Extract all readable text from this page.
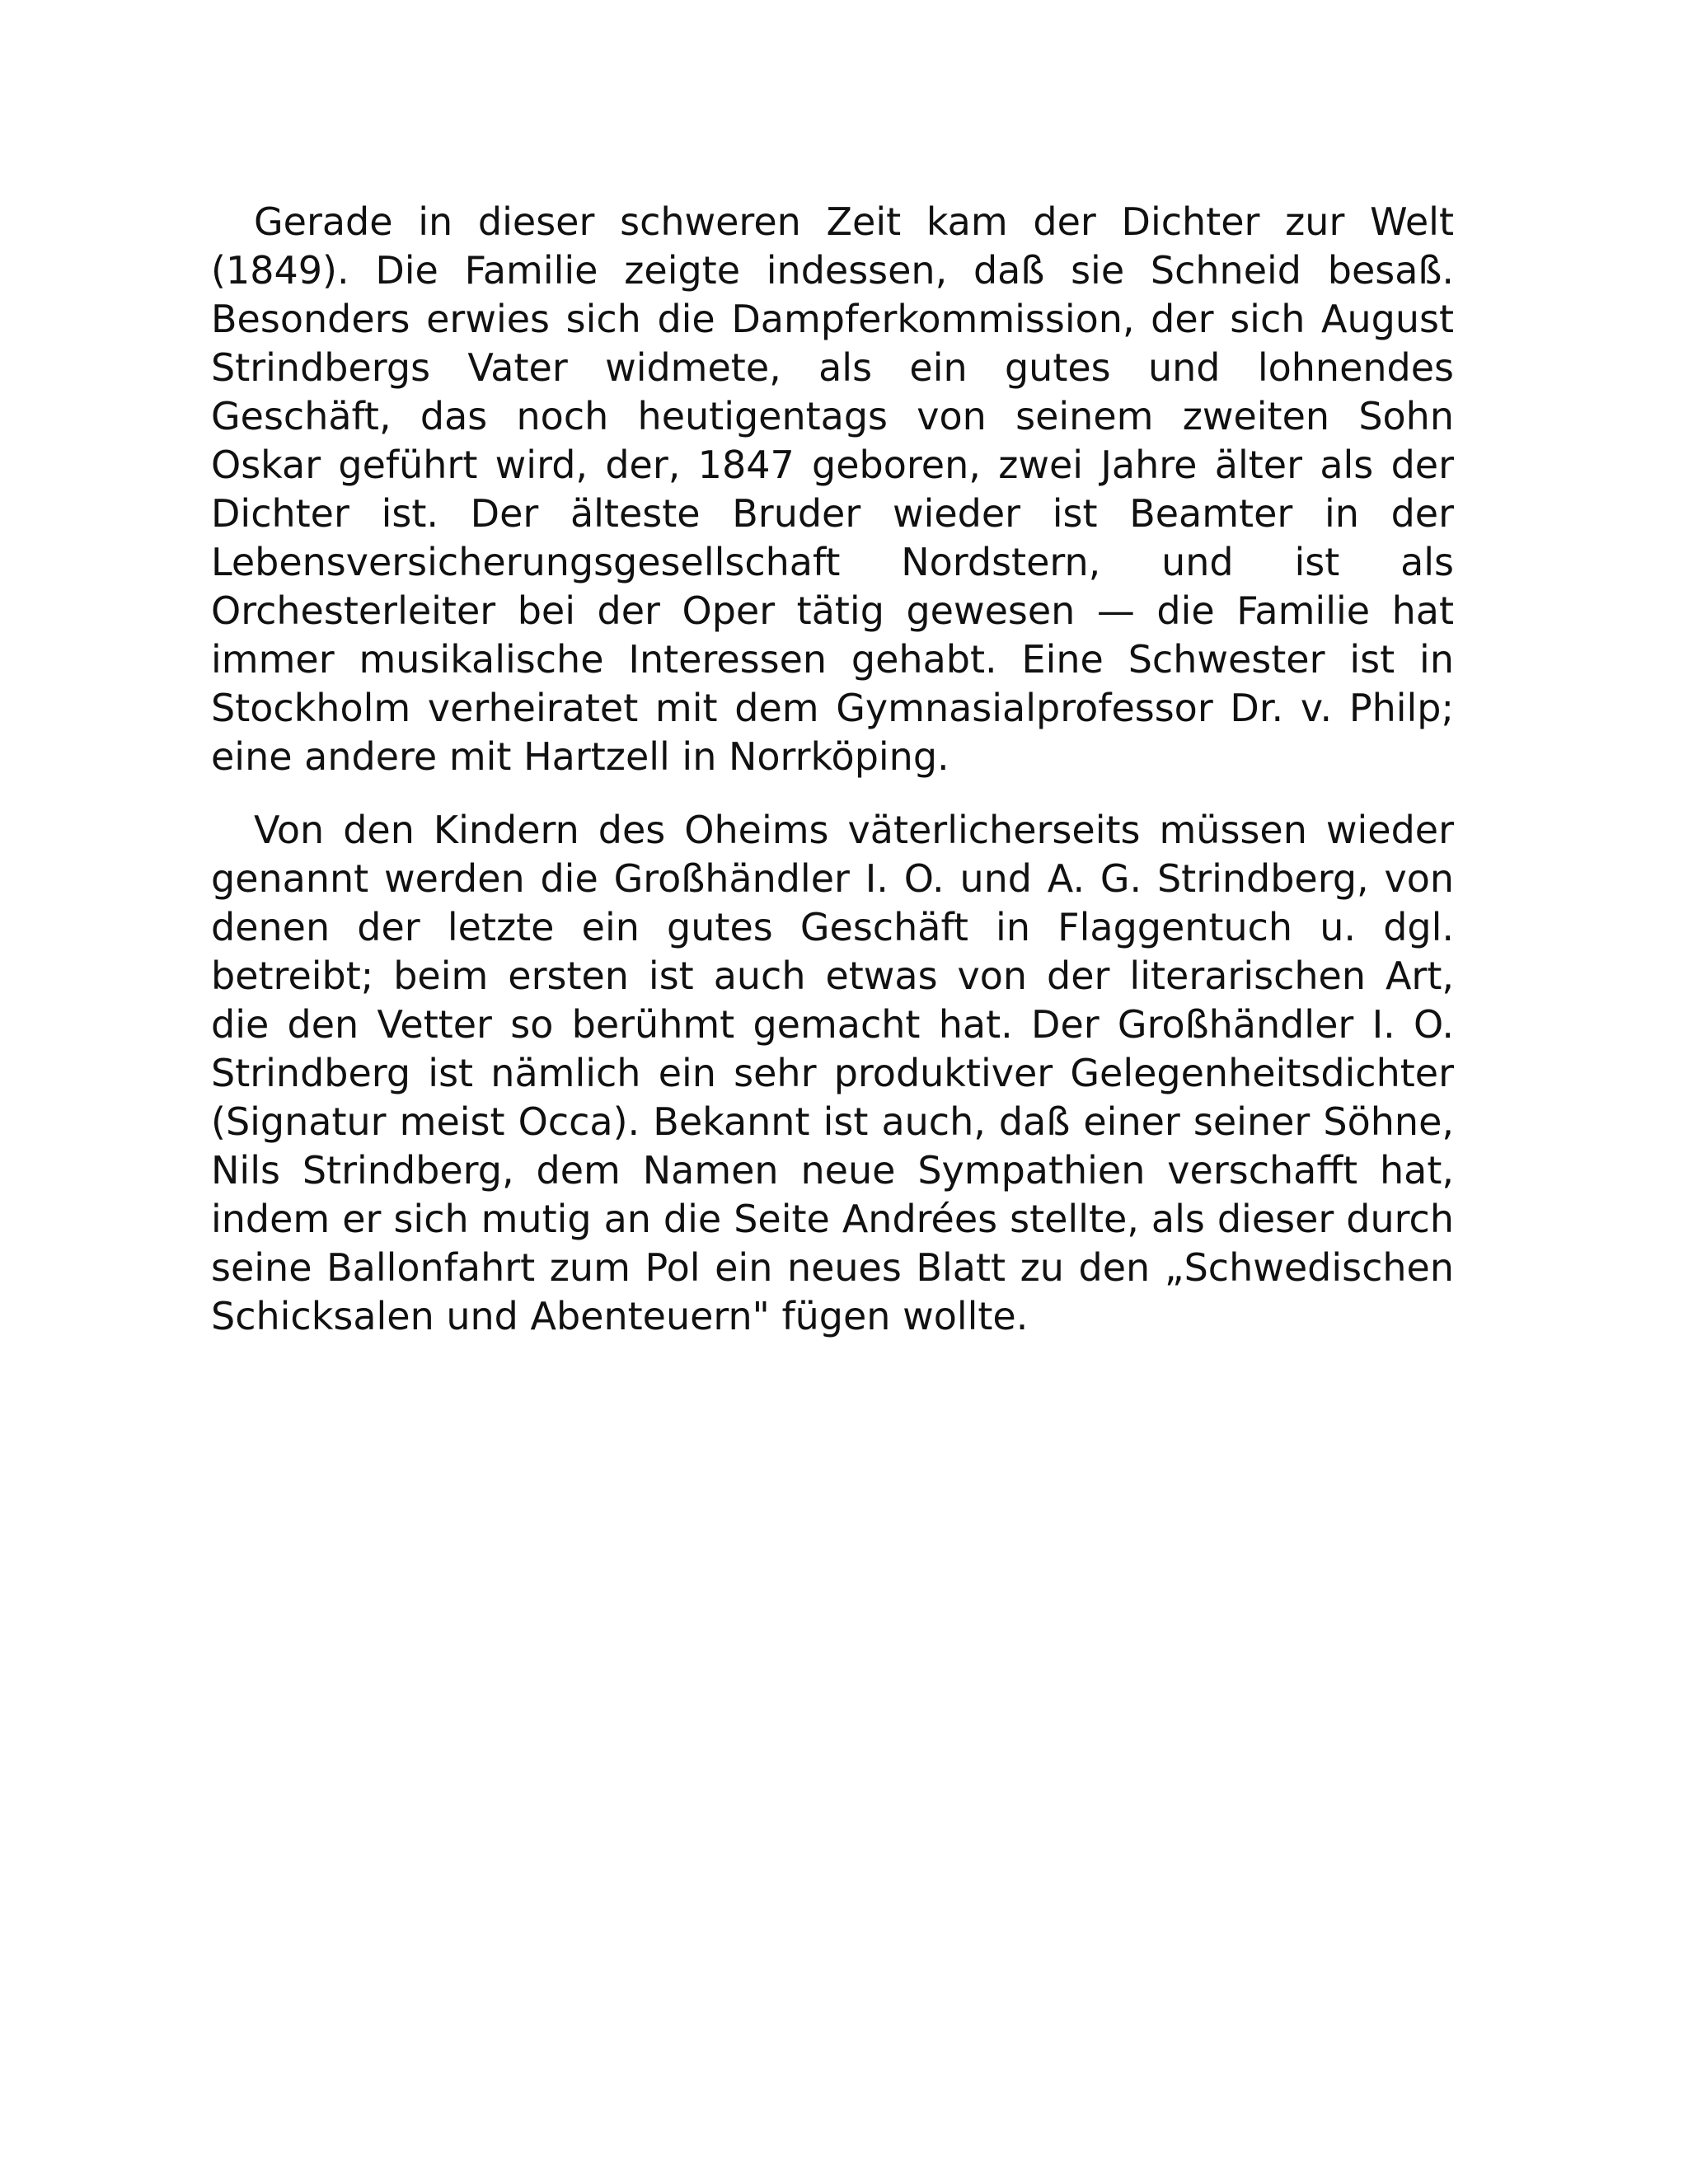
Gerade in dieser schweren Zeit kam der Dichter zur Welt (1849). Die Familie zeigte indessen, daß sie Schneid besaß. Besonders erwies sich die Dampferkommission, der sich August Strindbergs Vater widmete, als ein gutes und lohnendes Geschäft, das noch heutigentags von seinem zweiten Sohn Oskar geführt wird, der, 1847 geboren, zwei Jahre älter als der Dichter ist. Der älteste Bruder wieder ist Beamter in der Lebensversicherungsgesellschaft Nordstern, und ist als Orchesterleiter bei der Oper tätig gewesen — die Familie hat immer musikalische Interessen gehabt. Eine Schwester ist in Stockholm verheiratet mit dem Gymnasialprofessor Dr. v. Philp; eine andere mit Hartzell in Norrköping.

Von den Kindern des Oheims väterlicherseits müssen wieder genannt werden die Großhändler I. O. und A. G. Strindberg, von denen der letzte ein gutes Geschäft in Flaggentuch u. dgl. betreibt; beim ersten ist auch etwas von der literarischen Art, die den Vetter so berühmt gemacht hat. Der Großhändler I. O. Strindberg ist nämlich ein sehr produktiver Gelegenheitsdichter (Signatur meist Occa). Bekannt ist auch, daß einer seiner Söhne, Nils Strindberg, dem Namen neue Sympathien verschafft hat, indem er sich mutig an die Seite Andrées stellte, als dieser durch seine Ballonfahrt zum Pol ein neues Blatt zu den „Schwedischen Schicksalen und Abenteuern" fügen wollte.
